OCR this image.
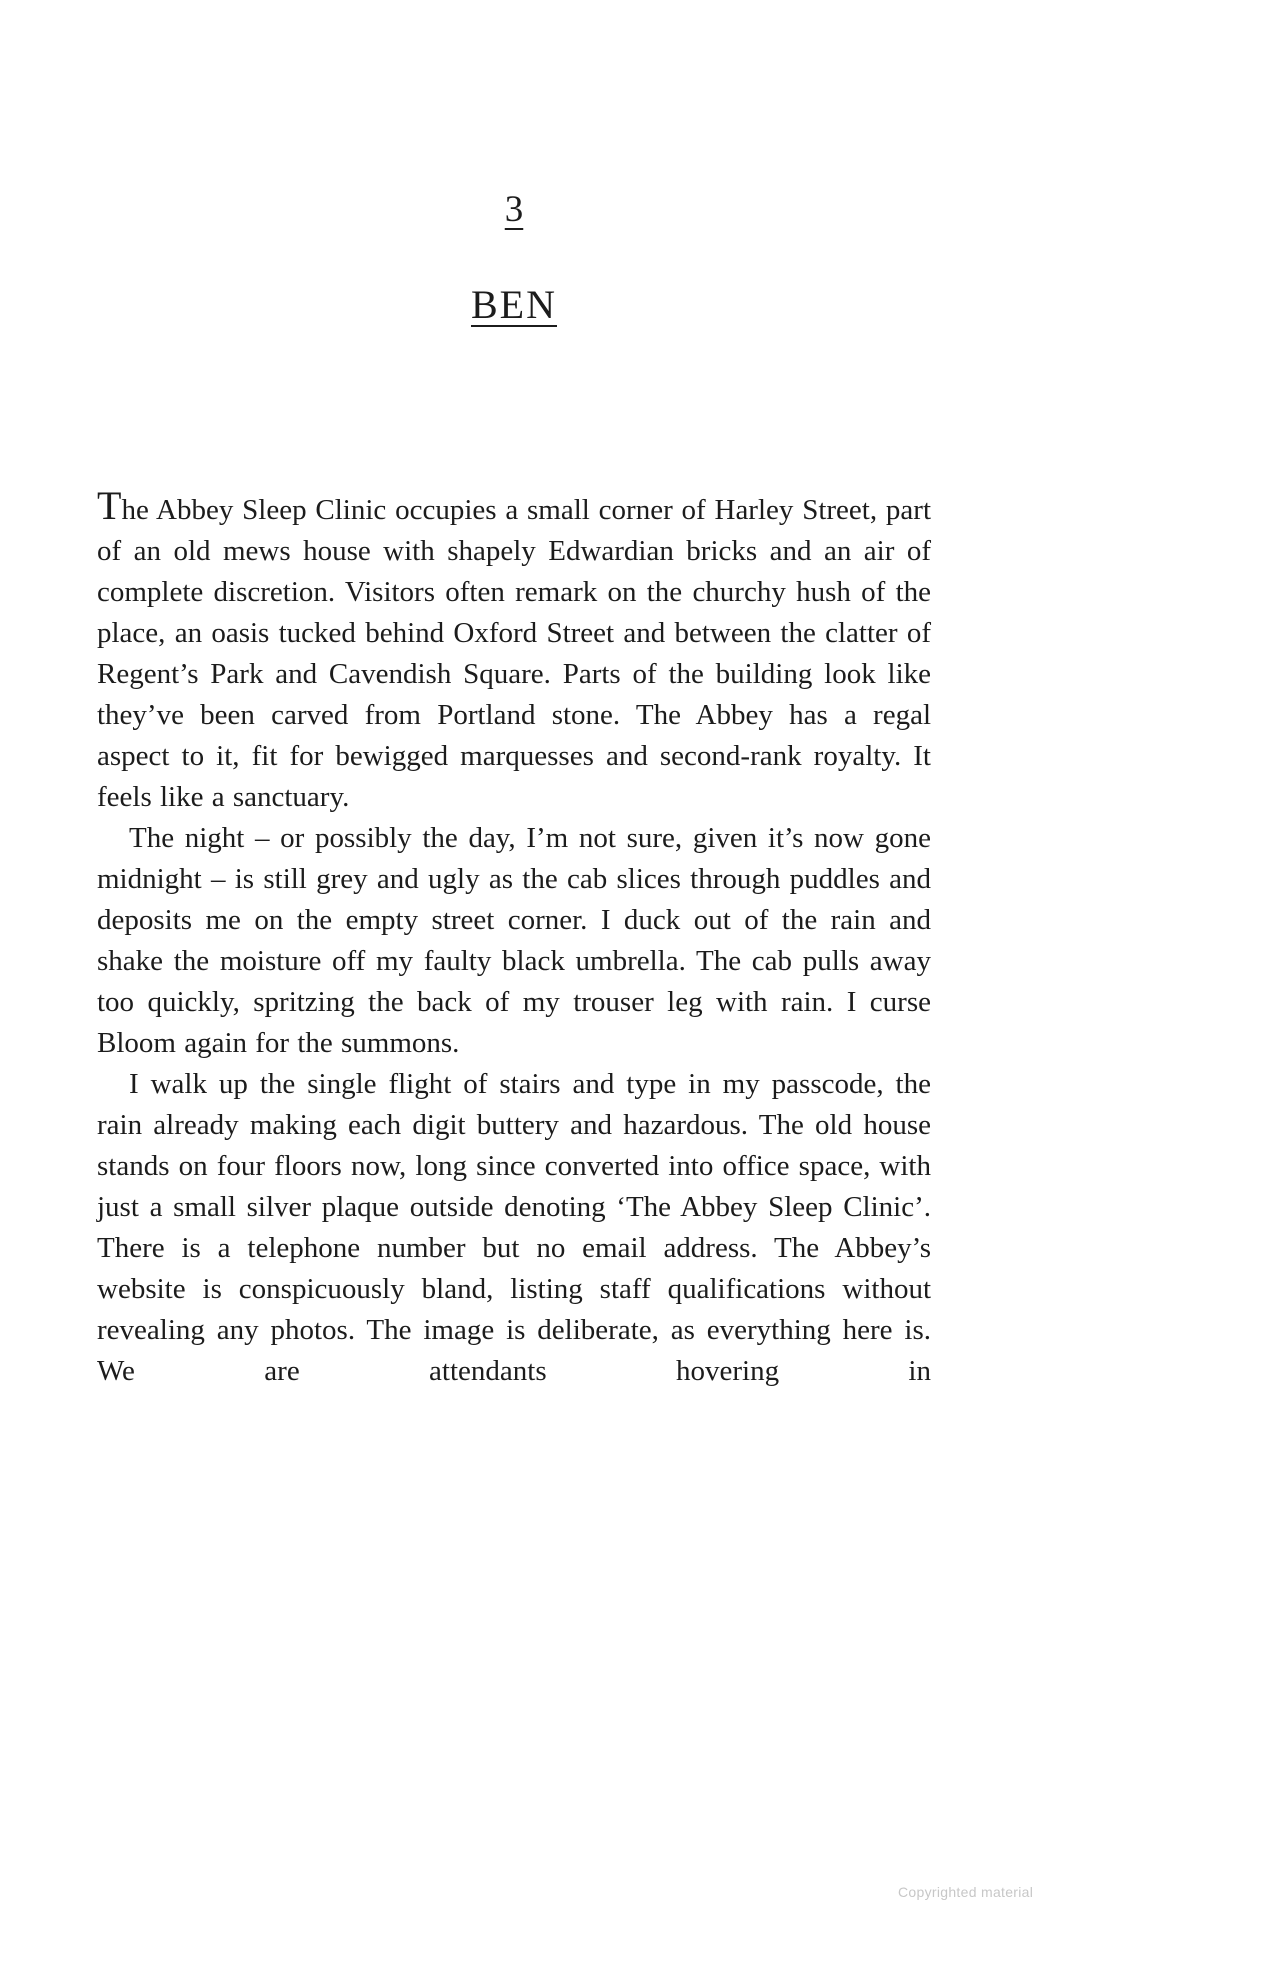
3
BEN

The Abbey Sleep Clinic occupies a small corner of Harley Street, part of an old mews house with shapely Edwardian bricks and an air of complete discretion. Visitors often remark on the churchy hush of the place, an oasis tucked behind Oxford Street and between the clatter of Regent’s Park and Cavendish Square. Parts of the building look like they’ve been carved from Portland stone. The Abbey has a regal aspect to it, fit for bewigged marquesses and second-rank royalty. It feels like a sanctuary.

The night – or possibly the day, I’m not sure, given it’s now gone midnight – is still grey and ugly as the cab slices through puddles and deposits me on the empty street corner. I duck out of the rain and shake the moisture off my faulty black umbrella. The cab pulls away too quickly, spritzing the back of my trouser leg with rain. I curse Bloom again for the summons.

I walk up the single flight of stairs and type in my passcode, the rain already making each digit buttery and hazardous. The old house stands on four floors now, long since converted into office space, with just a small silver plaque outside denoting ‘The Abbey Sleep Clinic’. There is a telephone number but no email address. The Abbey’s website is conspicuously bland, listing staff qualifications without revealing any photos. The image is deliberate, as everything here is. We are attendants hovering in

Copyrighted material
